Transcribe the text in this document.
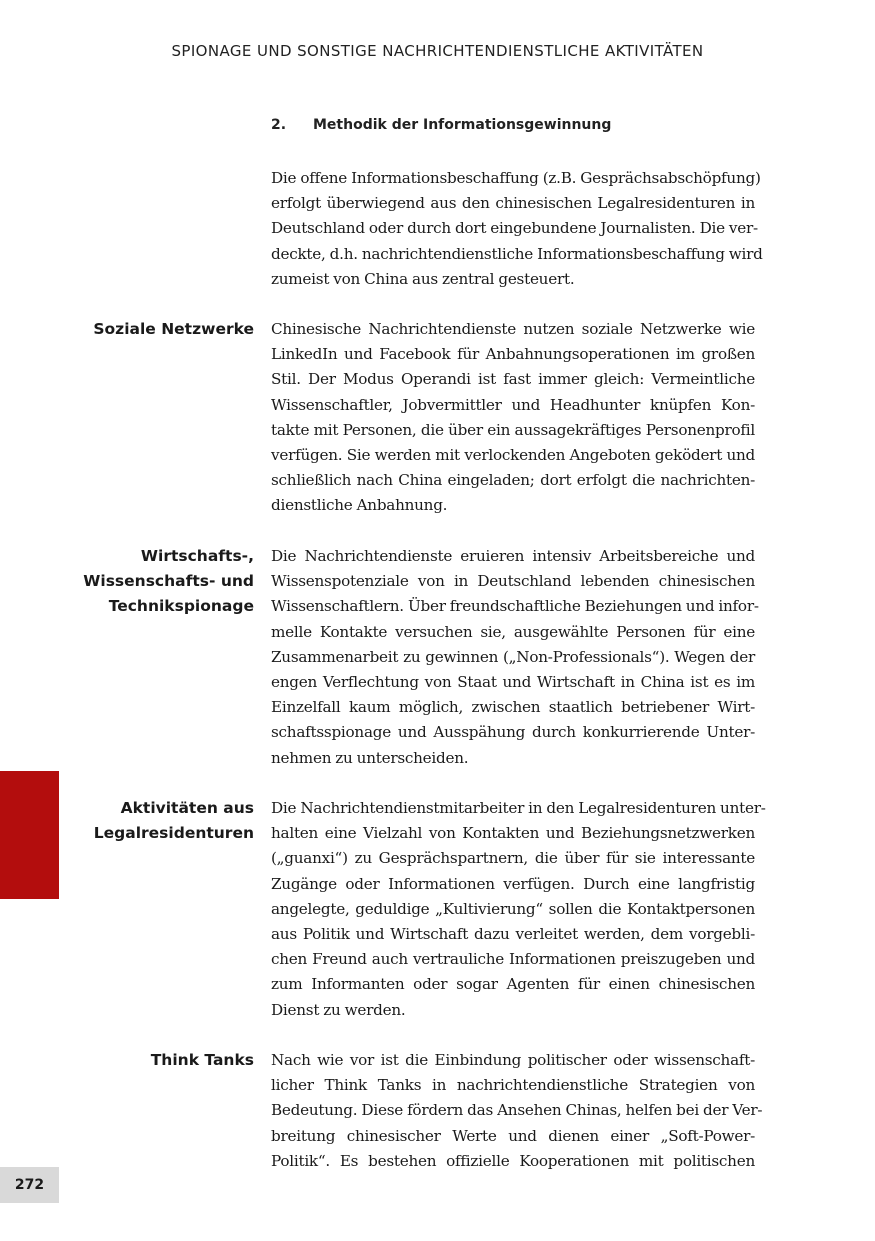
SPIONAGE UND SONSTIGE NACHRICHTENDIENSTLICHE AKTIVITÄTEN
2. Methodik der Informationsgewinnung
Die offene Informationsbeschaffung (z.B. Gesprächsabschöpfung)
erfolgt überwiegend aus den chinesischen Legalresidenturen in
Deutschland oder durch dort eingebundene Journalisten. Die ver-
deckte, d.h. nachrichtendienstliche Informationsbeschaffung wird
zumeist von China aus zentral gesteuert.
Soziale Netzwerke Chinesische Nachrichtendienste nutzen soziale Netzwerke wie
LinkedIn und Facebook für Anbahnungsoperationen im großen
Stil. Der Modus Operandi ist fast immer gleich: Vermeintliche
Wissenschaftler, Jobvermittler und Headhunter knüpfen Kon-
takte mit Personen, die über ein aussagekräftiges Personenprofil
verfügen. Sie werden mit verlockenden Angeboten geködert und
schließlich nach China eingeladen; dort erfolgt die nachrichten-
dienstliche Anbahnung.
Wirtschafts-,
Wissenschafts- und
Technikspionage
Die Nachrichtendienste eruieren intensiv Arbeitsbereiche und
Wissenspotenziale von in Deutschland lebenden chinesischen
Wissenschaftlern. Über freundschaftliche Beziehungen und infor-
melle Kontakte versuchen sie, ausgewählte Personen für eine
Zusammenarbeit zu gewinnen („Non-Professionals“). Wegen der
engen Verflechtung von Staat und Wirtschaft in China ist es im
Einzelfall kaum möglich, zwischen staatlich betriebener Wirt-
schaftsspionage und Ausspähung durch konkurrierende Unter-
nehmen zu unterscheiden.
Aktivitäten aus
Legalresidenturen
Die Nachrichtendienstmitarbeiter in den Legalresidenturen unter-
halten eine Vielzahl von Kontakten und Beziehungsnetzwerken
(„guanxi“) zu Gesprächspartnern, die über für sie interessante
Zugänge oder Informationen verfügen. Durch eine langfristig
angelegte, geduldige „Kultivierung“ sollen die Kontaktpersonen
aus Politik und Wirtschaft dazu verleitet werden, dem vorgebli-
chen Freund auch vertrauliche Informationen preiszugeben und
zum Informanten oder sogar Agenten für einen chinesischen
Dienst zu werden.
Think Tanks Nach wie vor ist die Einbindung politischer oder wissenschaft-
licher Think Tanks in nachrichtendienstliche Strategien von
Bedeutung. Diese fördern das Ansehen Chinas, helfen bei der Ver-
breitung chinesischer Werte und dienen einer „Soft-Power-
Politik“. Es bestehen offizielle Kooperationen mit politischen
272
